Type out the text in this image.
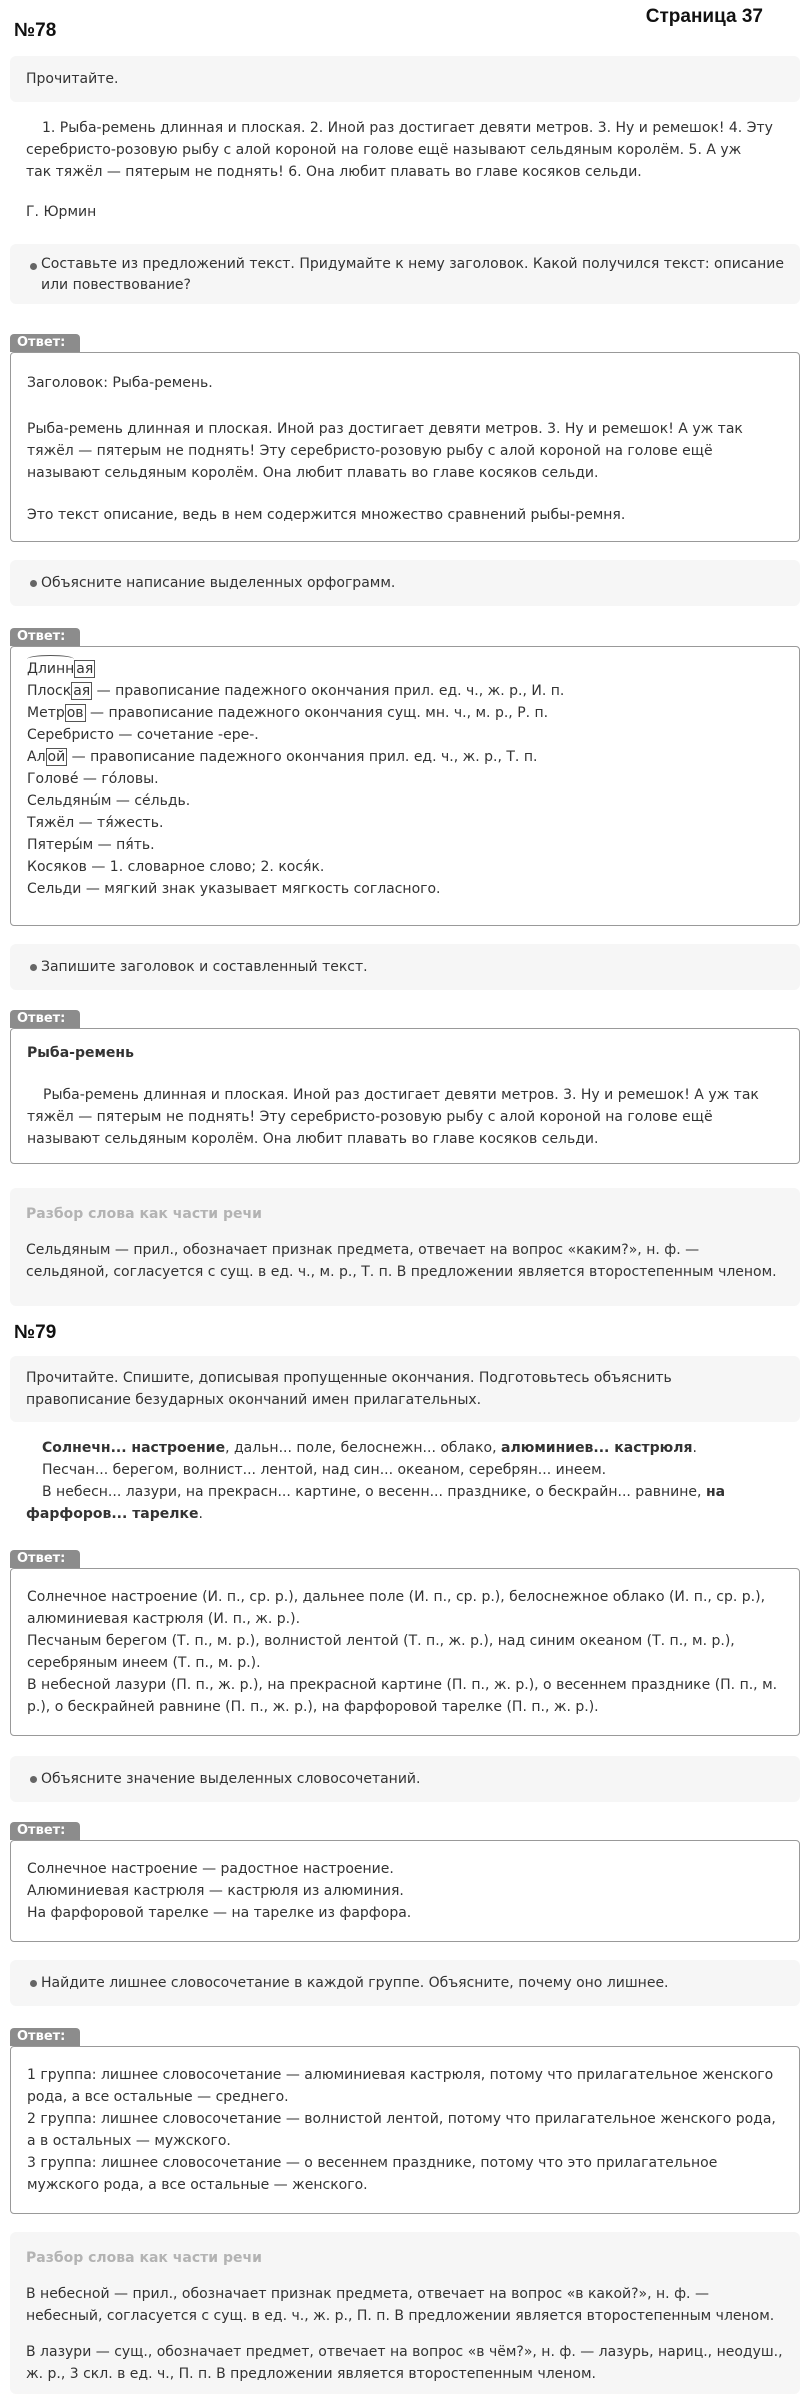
Страница 37
№78
Прочитайте.
1. Рыба-ремень длинная и плоская. 2. Иной раз достигает девяти метров. 3. Ну и ремешок! 4. Эту
серебристо-розовую рыбу с алой короной на голове ещё называют сельдяным королём. 5. А уж
так тяжёл — пятерым не поднять! 6. Она любит плавать во главе косяков сельди.
Г. Юрмин
Составьте из предложений текст. Придумайте к нему заголовок. Какой получился текст: описание
или повествование?
Ответ:
Заголовок: Рыба-ремень.
Рыба-ремень длинная и плоская. Иной раз достигает девяти метров. 3. Ну и ремешок! А уж так
тяжёл — пятерым не поднять! Эту серебристо-розовую рыбу с алой короной на голове ещё
называют сельдяным королём. Она любит плавать во главе косяков сельди.
Это текст описание, ведь в нем содержится множество сравнений рыбы-ремня.
Объясните написание выделенных орфограмм.
Ответ:
Длинн ая
Плоск ая — правописание падежного окончания прил. ед. ч., ж. р., И. п.
Метр ов — правописание падежного окончания сущ. мн. ч., м. р., Р. п.
Серебристо — сочетание -ере-.
Ал ой — правописание падежного окончания прил. ед. ч., ж. р., Т. п.
Голове́ — го́ловы.
Сельдяны́м — се́льдь.
Тяжёл — тя́жесть.
Пятеры́м — пя́ть.
Косяков — 1. словарное слово; 2. кося́к.
Сельди — мягкий знак указывает мягкость согласного.
Запишите заголовок и составленный текст.
Ответ:
Рыба-ремень
Рыба-ремень длинная и плоская. Иной раз достигает девяти метров. 3. Ну и ремешок! А уж так
тяжёл — пятерым не поднять! Эту серебристо-розовую рыбу с алой короной на голове ещё
называют сельдяным королём. Она любит плавать во главе косяков сельди.
Разбор слова как части речи
Сельдяным — прил., обозначает признак предмета, отвечает на вопрос «каким?», н. ф. —
сельдяной, согласуется с сущ. в ед. ч., м. р., Т. п. В предложении является второстепенным членом.
№79
Прочитайте. Спишите, дописывая пропущенные окончания. Подготовьтесь объяснить
правописание безударных окончаний имен прилагательных.
Солнечн... настроение, дальн... поле, белоснежн... облако, алюминиев... кастрюля.
Песчан... берегом, волнист... лентой, над син... океаном, серебрян... инеем.
В небесн... лазури, на прекрасн... картине, о весенн... празднике, о бескрайн... равнине, на
фарфоров... тарелке.
Ответ:
Солнечное настроение (И. п., ср. р.), дальнее поле (И. п., ср. р.), белоснежное облако (И. п., ср. р.),
алюминиевая кастрюля (И. п., ж. р.).
Песчаным берегом (Т. п., м. р.), волнистой лентой (Т. п., ж. р.), над синим океаном (Т. п., м. р.),
серебряным инеем (Т. п., м. р.).
В небесной лазури (П. п., ж. р.), на прекрасной картине (П. п., ж. р.), о весеннем празднике (П. п., м.
р.), о бескрайней равнине (П. п., ж. р.), на фарфоровой тарелке (П. п., ж. р.).
Объясните значение выделенных словосочетаний.
Ответ:
Солнечное настроение — радостное настроение.
Алюминиевая кастрюля — кастрюля из алюминия.
На фарфоровой тарелке — на тарелке из фарфора.
Найдите лишнее словосочетание в каждой группе. Объясните, почему оно лишнее.
Ответ:
1 группа: лишнее словосочетание — алюминиевая кастрюля, потому что прилагательное женского
рода, а все остальные — среднего.
2 группа: лишнее словосочетание — волнистой лентой, потому что прилагательное женского рода,
а в остальных — мужского.
3 группа: лишнее словосочетание — о весеннем празднике, потому что это прилагательное
мужского рода, а все остальные — женского.
Разбор слова как части речи
В небесной — прил., обозначает признак предмета, отвечает на вопрос «в какой?», н. ф. —
небесный, согласуется с сущ. в ед. ч., ж. р., П. п. В предложении является второстепенным членом.
В лазури — сущ., обозначает предмет, отвечает на вопрос «в чём?», н. ф. — лазурь, нариц., неодуш.,
ж. р., 3 скл. в ед. ч., П. п. В предложении является второстепенным членом.
